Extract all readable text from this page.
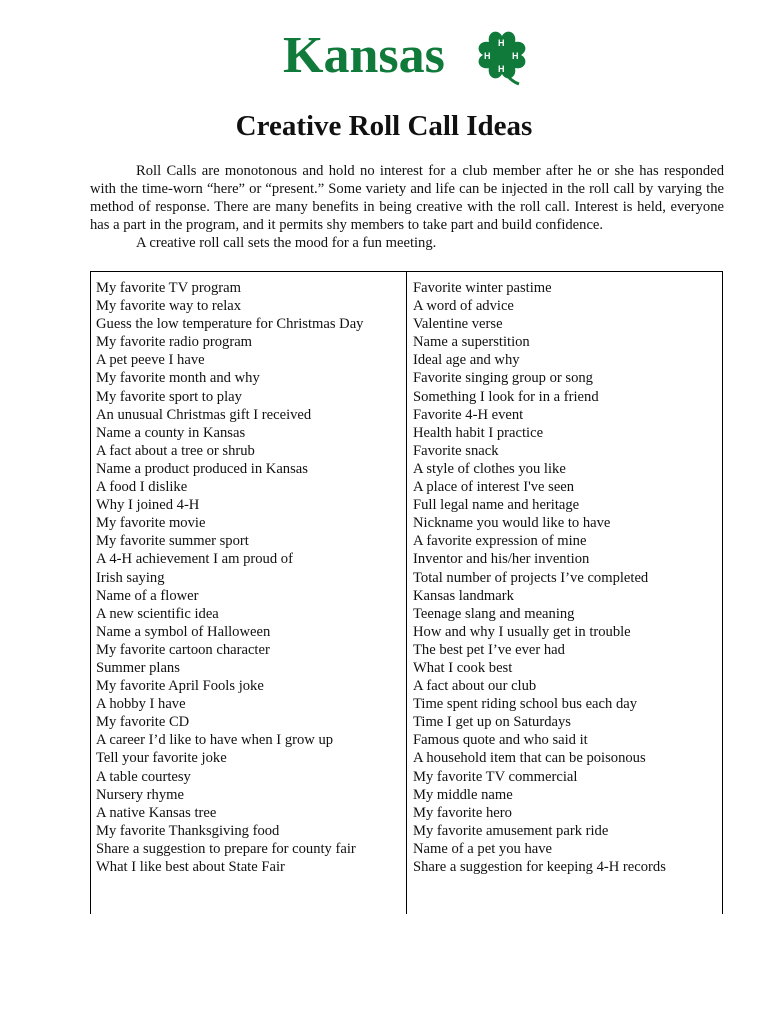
Kansas	H
H H
H
Creative Roll Call Ideas

Roll Calls are monotonous and hold no interest for a club member after he or she has responded with the time-worn “here” or “present.” Some variety and life can be injected in the roll call by varying the method of response. There are many benefits in being creative with the roll call. Interest is held, everyone has a part in the program, and it permits shy members to take part and build confidence.

A creative roll call sets the mood for a fun meeting.

My favorite TV program
My favorite way to relax
Guess the low temperature for Christmas Day
My favorite radio program
A pet peeve I have
My favorite month and why
My favorite sport to play
An unusual Christmas gift I received
Name a county in Kansas
A fact about a tree or shrub
Name a product produced in Kansas
A food I dislike
Why I joined 4-H
My favorite movie
My favorite summer sport
A 4-H achievement I am proud of
Irish saying
Name of a flower
A new scientific idea
Name a symbol of Halloween
My favorite cartoon character
Summer plans
My favorite April Fools joke
A hobby I have
My favorite CD
A career I’d like to have when I grow up
Tell your favorite joke
A table courtesy
Nursery rhyme
A native Kansas tree
My favorite Thanksgiving food
Share a suggestion to prepare for county fair
What I like best about State Fair
Favorite winter pastime
A word of advice
Valentine verse
Name a superstition
Ideal age and why
Favorite singing group or song
Something I look for in a friend
Favorite 4-H event
Health habit I practice
Favorite snack
A style of clothes you like
A place of interest I've seen
Full legal name and heritage
Nickname you would like to have
A favorite expression of mine
Inventor and his/her invention
Total number of projects I’ve completed
Kansas landmark
Teenage slang and meaning
How and why I usually get in trouble
The best pet I’ve ever had
What I cook best
A fact about our club
Time spent riding school bus each day
Time I get up on Saturdays
Famous quote and who said it
A household item that can be poisonous
My favorite TV commercial
My middle name
My favorite hero
My favorite amusement park ride
Name of a pet you have
Share a suggestion for keeping 4-H records
